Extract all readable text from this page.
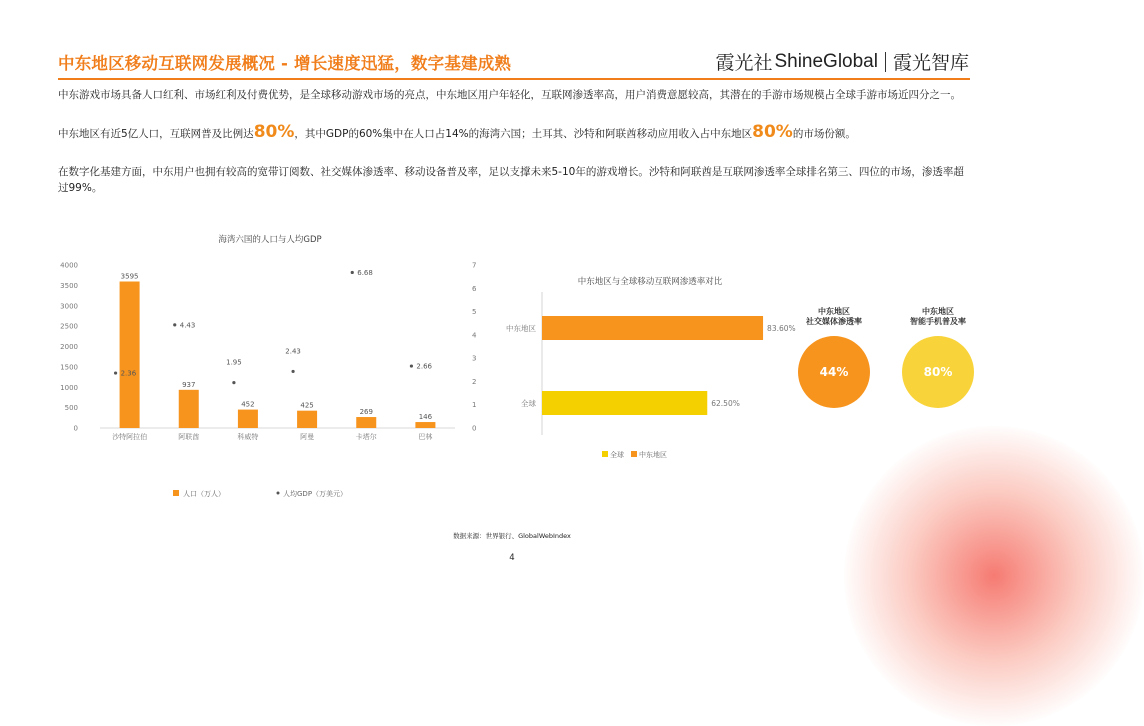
中东地区移动互联网发展概况 - 增长速度迅猛，数字基建成熟	霞光社 ShineGlobal 霞光智库
中东游戏市场具备人口红利、市场红利及付费优势，是全球移动游戏市场的亮点，中东地区用户年轻化，互联网渗透率高，用户消费意愿较高，其潜在的手游市场规模占全球手游市场近四分之一。
中东地区有近5亿人口，互联网普及比例达80%，其中GDP的60%集中在人口占14%的海湾六国；土耳其、沙特和阿联酋移动应用收入占中东地区80%的市场份额。
在数字化基建方面，中东用户也拥有较高的宽带订阅数、社交媒体渗透率、移动设备普及率，足以支撑未来5-10年的游戏增长。沙特和阿联酋是互联网渗透率全球排名第三、四位的市场，渗透率超过99%。
海湾六国的人口与人均GDP
0
500
1000
1500
2000
2500
3000
3500
4000
0
1
2
3
4
5
6
7
3595
937
452	425
269
146
2.36
4.43
1.95
2.43
6.68
2.66
沙特阿拉伯	阿联酋	科威特	阿曼	卡塔尔	巴林
人口（万人）	人均GDP（万美元）
中东地区与全球移动互联网渗透率对比
中东地区	83.60%
全球	62.50%
全球 中东地区
中东地区
社交媒体渗透率
44%
中东地区
智能手机普及率
80%
数据来源：世界银行、GlobalWebIndex
4
